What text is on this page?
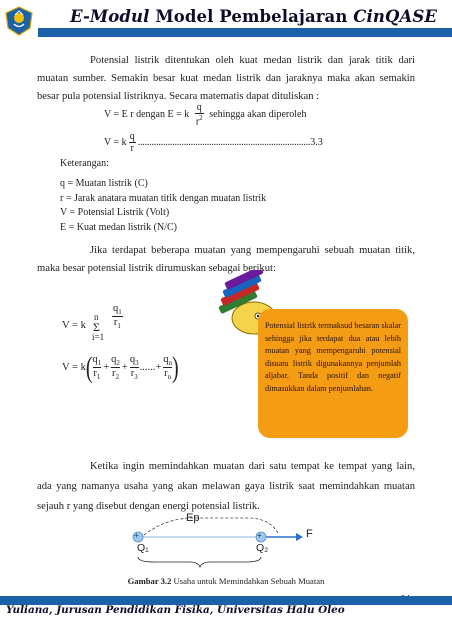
E-Modul Model Pembelajaran CinQASE
Potensial listrik ditentukan oleh kuat medan listrik dan jarak titik dari muatan sumber. Semakin besar kuat medan listrik dan jaraknya maka akan semakin besar pula potensial listriknya. Secara matematis dapat dituliskan :
V = E r dengan E = k $\frac{q}{r^2}$ sehingga akan diperoleh
V = k $\frac{q}{r} ...........................................................................3.3$
Keterangan:
q = Muatan listrik (C)
r = Jarak anatara muatan titik dengan muatan listrik
V = Potensial Listrik (Volt)
E = Kuat medan listrik (N/C)
Jika terdapat beberapa muatan yang mempengaruhi sebuah muatan titik, maka besar potensial listrik dirumuskan sebagai berikut:
V = k
n
Σ
i=1
$\frac{q_1}{r_1}$
V = k ( $\frac{q_1}{r_1} + \frac{q_2}{r_2} + \frac{q_3}{r_3}$ ...... + $\frac{q_n}{r_n}$ )
Potensial listrik termaksud besaran skalar sehingga jika terdapat dua atau lebih muatan yang mempengaruhi potensial disuatu listrik digunakannya penjumlah aljabar. Tanda positif dan negatif dimasukkan dalam penjumlahan.
Ketika ingin memindahkan muatan dari satu tempat ke tempat yang lain, ada yang namanya usaha yang akan melawan gaya listrik saat memindahkan muatan sejauh r yang disebut dengan energi potensial listrik.
+	+
Ep
F
Q₁	Q₂
Gambar 3.2 Usaha untuk Memindahkan Sebuah Muatan
Yuliana, Jurusan Pendidikan Fisika, Universitas Halu Oleo
